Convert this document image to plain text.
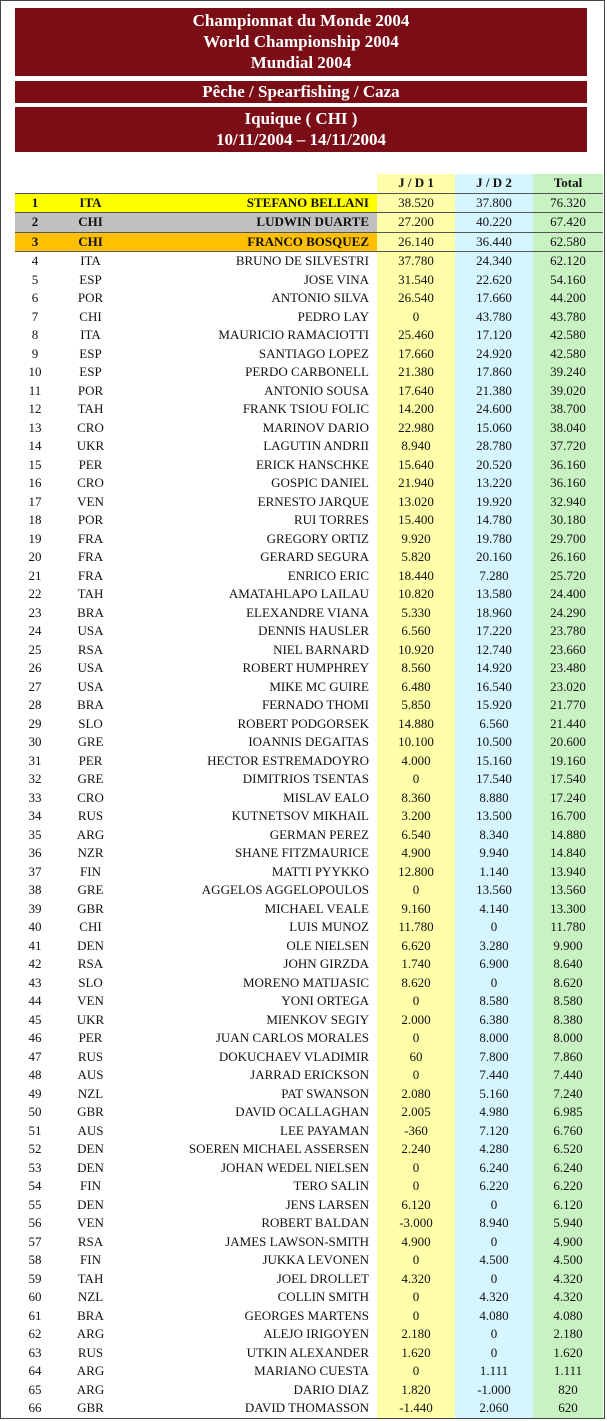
Championnat du Monde 2004
World Championship 2004
Mundial 2004
Pêche / Spearfishing / Caza
Iquique ( CHI )
10/11/2004 – 14/11/2004
			J / D 1	J / D 2	Total
1	ITA	STEFANO BELLANI	38.520	37.800	76.320
2	CHI	LUDWIN DUARTE	27.200	40.220	67.420
3	CHI	FRANCO BOSQUEZ	26.140	36.440	62.580
4	ITA	BRUNO DE SILVESTRI	37.780	24.340	62.120
5	ESP	JOSE VINA	31.540	22.620	54.160
6	POR	ANTONIO SILVA	26.540	17.660	44.200
7	CHI	PEDRO LAY	0	43.780	43.780
8	ITA	MAURICIO RAMACIOTTI	25.460	17.120	42.580
9	ESP	SANTIAGO LOPEZ	17.660	24.920	42.580
10	ESP	PERDO CARBONELL	21.380	17.860	39.240
11	POR	ANTONIO SOUSA	17.640	21.380	39.020
12	TAH	FRANK TSIOU FOLIC	14.200	24.600	38.700
13	CRO	MARINOV DARIO	22.980	15.060	38.040
14	UKR	LAGUTIN ANDRII	8.940	28.780	37.720
15	PER	ERICK HANSCHKE	15.640	20.520	36.160
16	CRO	GOSPIC DANIEL	21.940	13.220	36.160
17	VEN	ERNESTO JARQUE	13.020	19.920	32.940
18	POR	RUI TORRES	15.400	14.780	30.180
19	FRA	GREGORY ORTIZ	9.920	19.780	29.700
20	FRA	GERARD SEGURA	5.820	20.160	26.160
21	FRA	ENRICO ERIC	18.440	7.280	25.720
22	TAH	AMATAHLAPO LAILAU	10.820	13.580	24.400
23	BRA	ELEXANDRE VIANA	5.330	18.960	24.290
24	USA	DENNIS HAUSLER	6.560	17.220	23.780
25	RSA	NIEL BARNARD	10.920	12.740	23.660
26	USA	ROBERT HUMPHREY	8.560	14.920	23.480
27	USA	MIKE MC GUIRE	6.480	16.540	23.020
28	BRA	FERNADO THOMI	5.850	15.920	21.770
29	SLO	ROBERT PODGORSEK	14.880	6.560	21.440
30	GRE	IOANNIS DEGAITAS	10.100	10.500	20.600
31	PER	HECTOR ESTREMADOYRO	4.000	15.160	19.160
32	GRE	DIMITRIOS TSENTAS	0	17.540	17.540
33	CRO	MISLAV EALO	8.360	8.880	17.240
34	RUS	KUTNETSOV MIKHAIL	3.200	13.500	16.700
35	ARG	GERMAN PEREZ	6.540	8.340	14.880
36	NZR	SHANE FITZMAURICE	4.900	9.940	14.840
37	FIN	MATTI PYYKKO	12.800	1.140	13.940
38	GRE	AGGELOS AGGELOPOULOS	0	13.560	13.560
39	GBR	MICHAEL VEALE	9.160	4.140	13.300
40	CHI	LUIS MUNOZ	11.780	0	11.780
41	DEN	OLE NIELSEN	6.620	3.280	9.900
42	RSA	JOHN GIRZDA	1.740	6.900	8.640
43	SLO	MORENO MATIJASIC	8.620	0	8.620
44	VEN	YONI ORTEGA	0	8.580	8.580
45	UKR	MIENKOV SEGIY	2.000	6.380	8.380
46	PER	JUAN CARLOS MORALES	0	8.000	8.000
47	RUS	DOKUCHAEV VLADIMIR	60	7.800	7.860
48	AUS	JARRAD ERICKSON	0	7.440	7.440
49	NZL	PAT SWANSON	2.080	5.160	7.240
50	GBR	DAVID OCALLAGHAN	2.005	4.980	6.985
51	AUS	LEE PAYAMAN	-360	7.120	6.760
52	DEN	SOEREN MICHAEL ASSERSEN	2.240	4.280	6.520
53	DEN	JOHAN WEDEL NIELSEN	0	6.240	6.240
54	FIN	TERO SALIN	0	6.220	6.220
55	DEN	JENS LARSEN	6.120	0	6.120
56	VEN	ROBERT BALDAN	-3.000	8.940	5.940
57	RSA	JAMES LAWSON-SMITH	4.900	0	4.900
58	FIN	JUKKA LEVONEN	0	4.500	4.500
59	TAH	JOEL DROLLET	4.320	0	4.320
60	NZL	COLLIN SMITH	0	4.320	4.320
61	BRA	GEORGES MARTENS	0	4.080	4.080
62	ARG	ALEJO IRIGOYEN	2.180	0	2.180
63	RUS	UTKIN ALEXANDER	1.620	0	1.620
64	ARG	MARIANO CUESTA	0	1.111	1.111
65	ARG	DARIO DIAZ	1.820	-1.000	820
66	GBR	DAVID THOMASSON	-1.440	2.060	620
